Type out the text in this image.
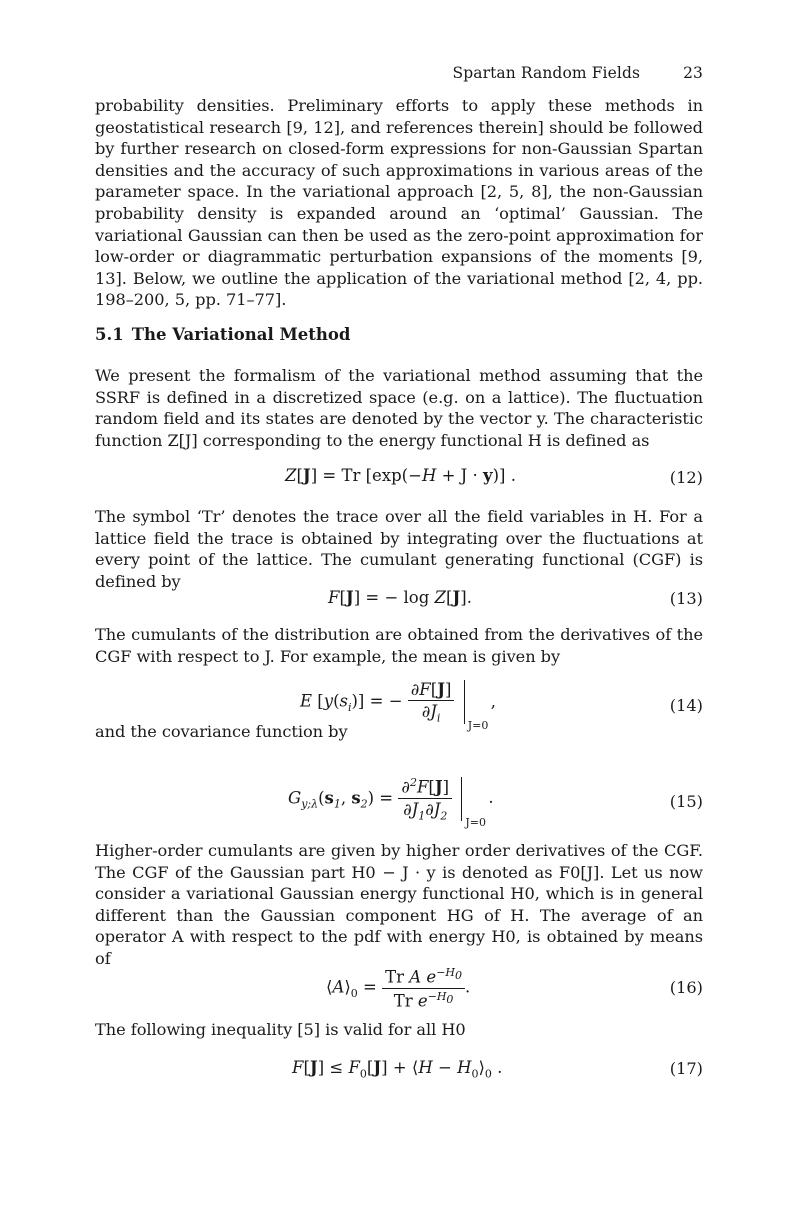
Spartan Random Fields	23
probability densities. Preliminary efforts to apply these methods in geostatistical research [9, 12], and references therein] should be followed by further research on closed-form expressions for non-Gaussian Spartan densities and the accuracy of such approximations in various areas of the parameter space. In the variational approach [2, 5, 8], the non-Gaussian probability density is expanded around an ‘optimal’ Gaussian. The variational Gaussian can then be used as the zero-point approximation for low-order or diagrammatic perturbation expansions of the moments [9, 13]. Below, we outline the application of the variational method [2, 4, pp. 198–200, 5, pp. 71–77].
5.1 The Variational Method
We present the formalism of the variational method assuming that the SSRF is defined in a discretized space (e.g. on a lattice). The fluctuation random field and its states are denoted by the vector y. The characteristic function Z[J] corresponding to the energy functional H is defined as
Z[J] = Tr [exp(−H + J · y)] .	(12)
The symbol ‘Tr’ denotes the trace over all the field variables in H. For a lattice field the trace is obtained by integrating over the fluctuations at every point of the lattice. The cumulant generating functional (CGF) is defined by
F[J] = − log Z[J].	(13)
The cumulants of the distribution are obtained from the derivatives of the CGF with respect to J. For example, the mean is given by
E $[y(s_i)]$ = − $\frac{\partial F[J]}{\partial J_i}$

J=0
,	(14)
and the covariance function by
$G_{y;\lambda}(s_1$, $s_2) = \frac{\partial^2F[J]}{\partial J_1\partial J_2}$

J=0
.	(15)
Higher-order cumulants are given by higher order derivatives of the CGF. The CGF of the Gaussian part H0 − J · y is denoted as F0[J]. Let us now consider a variational Gaussian energy functional H0, which is in general different than the Gaussian component HG of H. The average of an operator A with respect to the pdf with energy H0, is obtained by means of
$⟨A⟩_0 = \frac{Tr A e^{-H_0}}{Tr e^{-H_0}}$ .	(16)
The following inequality [5] is valid for all H0
$F[J] \le F_0[J]$ + ⟨H − $H_0⟩_0$ .	(17)
